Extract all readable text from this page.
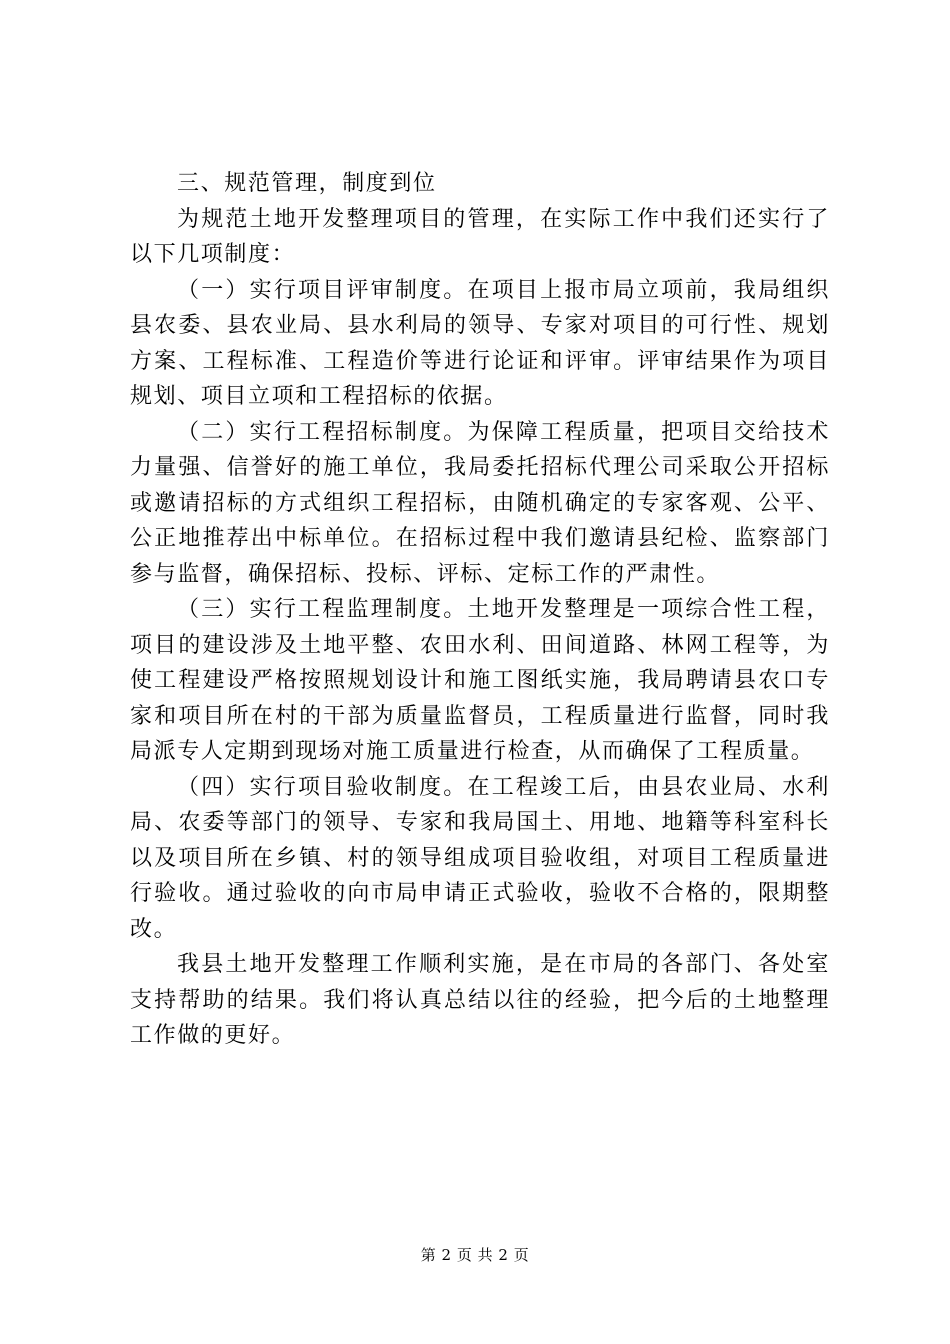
三、规范管理，制度到位

为规范土地开发整理项目的管理，在实际工作中我们还实行了以下几项制度：

（一）实行项目评审制度。在项目上报市局立项前，我局组织县农委、县农业局、县水利局的领导、专家对项目的可行性、规划方案、工程标准、工程造价等进行论证和评审。评审结果作为项目规划、项目立项和工程招标的依据。

（二）实行工程招标制度。为保障工程质量，把项目交给技术力量强、信誉好的施工单位，我局委托招标代理公司采取公开招标或邀请招标的方式组织工程招标，由随机确定的专家客观、公平、公正地推荐出中标单位。在招标过程中我们邀请县纪检、监察部门参与监督，确保招标、投标、评标、定标工作的严肃性。

（三）实行工程监理制度。土地开发整理是一项综合性工程，项目的建设涉及土地平整、农田水利、田间道路、林网工程等，为使工程建设严格按照规划设计和施工图纸实施，我局聘请县农口专家和项目所在村的干部为质量监督员，工程质量进行监督，同时我局派专人定期到现场对施工质量进行检查，从而确保了工程质量。

（四）实行项目验收制度。在工程竣工后，由县农业局、水利局、农委等部门的领导、专家和我局国土、用地、地籍等科室科长以及项目所在乡镇、村的领导组成项目验收组，对项目工程质量进行验收。通过验收的向市局申请正式验收，验收不合格的，限期整改。

我县土地开发整理工作顺利实施，是在市局的各部门、各处室支持帮助的结果。我们将认真总结以往的经验，把今后的土地整理工作做的更好。

第 2 页 共 2 页
